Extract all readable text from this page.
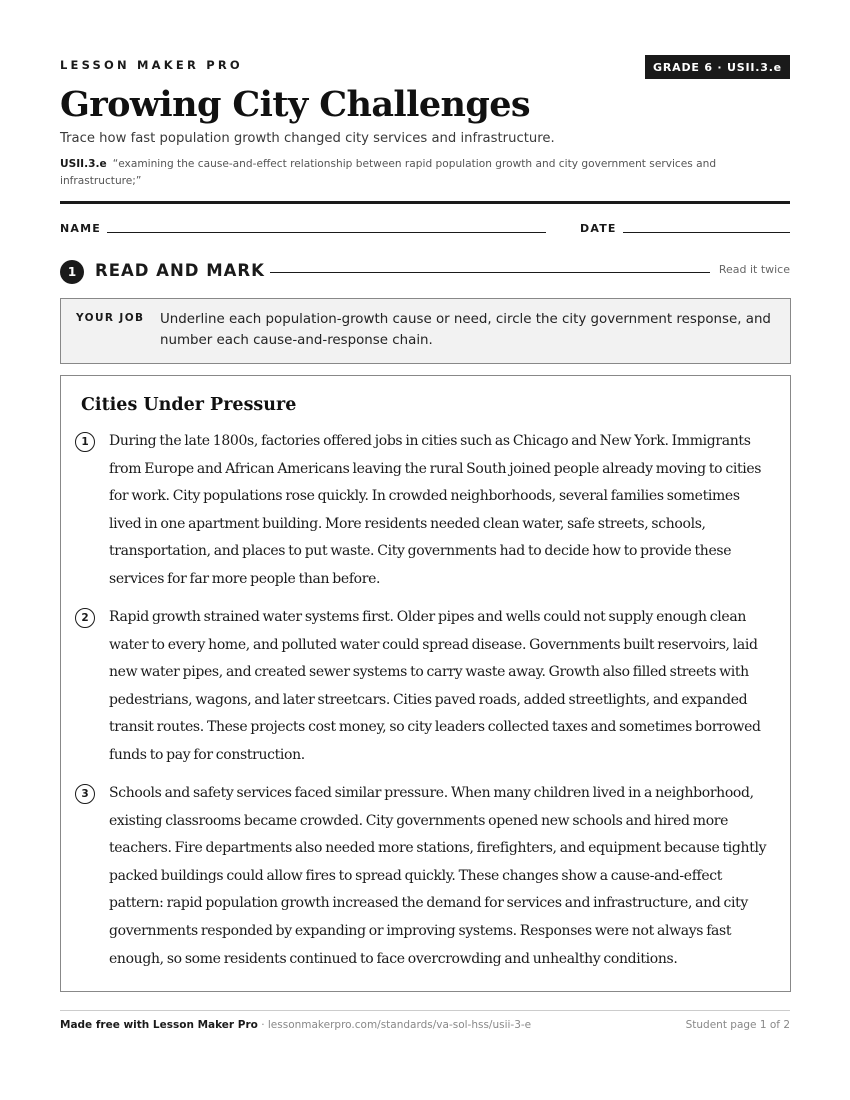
LESSON MAKER PRO	GRADE 6 · USII.3.e
Growing City Challenges
Trace how fast population growth changed city services and infrastructure.
USII.3.e “examining the cause-and-effect relationship between rapid population growth and city government services and infrastructure;”
NAME	DATE
1	READ AND MARK	Read it twice
YOUR JOB Underline each population-growth cause or need, circle the city government response, and number each cause-and-response chain.
Cities Under Pressure
1	During the late 1800s, factories offered jobs in cities such as Chicago and New York. Immigrants from Europe and African Americans leaving the rural South joined people already moving to cities for work. City populations rose quickly. In crowded neighborhoods, several families sometimes lived in one apartment building. More residents needed clean water, safe streets, schools, transportation, and places to put waste. City governments had to decide how to provide these services for far more people than before.

2	Rapid growth strained water systems first. Older pipes and wells could not supply enough clean water to every home, and polluted water could spread disease. Governments built reservoirs, laid new water pipes, and created sewer systems to carry waste away. Growth also filled streets with pedestrians, wagons, and later streetcars. Cities paved roads, added streetlights, and expanded transit routes. These projects cost money, so city leaders collected taxes and sometimes borrowed funds to pay for construction.

3	Schools and safety services faced similar pressure. When many children lived in a neighborhood, existing classrooms became crowded. City governments opened new schools and hired more teachers. Fire departments also needed more stations, firefighters, and equipment because tightly packed buildings could allow fires to spread quickly. These changes show a cause-and-effect pattern: rapid population growth increased the demand for services and infrastructure, and city governments responded by expanding or improving systems. Responses were not always fast enough, so some residents continued to face overcrowding and unhealthy conditions.

Made free with Lesson Maker Pro · lessonmakerpro.com/standards/va-sol-hss/usii-3-e	Student page 1 of 2
